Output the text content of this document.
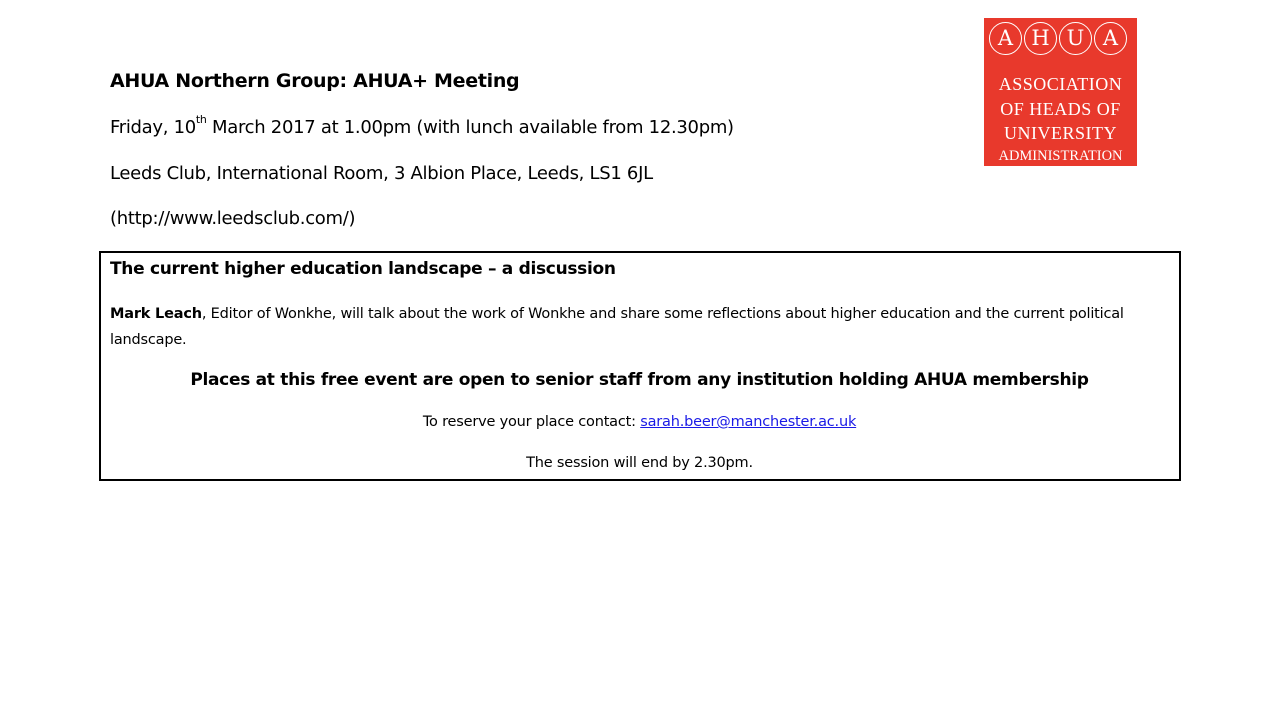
AHUA Northern Group: AHUA+ Meeting
Friday, 10th March 2017 at 1.00pm (with lunch available from 12.30pm)
Leeds Club, International Room, 3 Albion Place, Leeds, LS1 6JL
(http://www.leedsclub.com/)
A H U A
ASSOCIATION
OF HEADS OF
UNIVERSITY
ADMINISTRATION
The current higher education landscape – a discussion
Mark Leach, Editor of Wonkhe, will talk about the work of Wonkhe and share some reflections about higher education and the current political landscape.
Places at this free event are open to senior staff from any institution holding AHUA membership
To reserve your place contact: sarah.beer@manchester.ac.uk
The session will end by 2.30pm.
